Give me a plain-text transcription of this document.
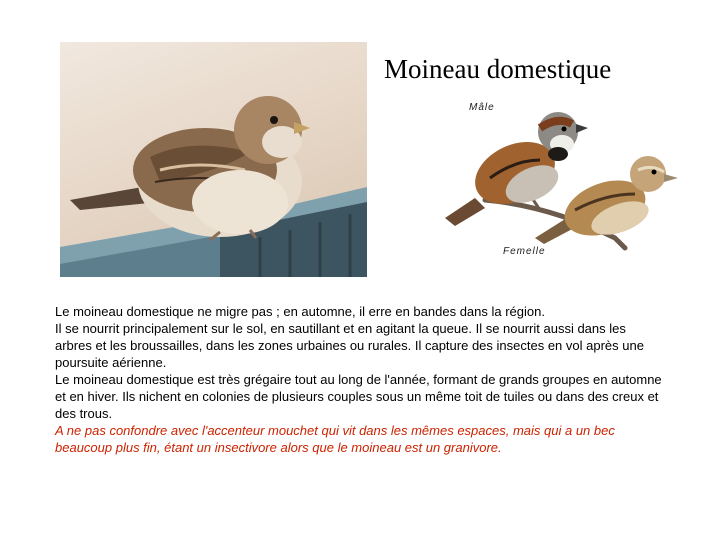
Moineau domestique
Mâle
Femelle

Le moineau domestique ne migre pas ; en automne, il erre en bandes dans la région.

Il se nourrit principalement sur le sol, en sautillant et en agitant la queue. Il se nourrit aussi dans les arbres et les broussailles, dans les zones urbaines ou rurales. Il capture des insectes en vol après une poursuite aérienne.

Le moineau domestique est très grégaire tout au long de l'année, formant de grands groupes en automne et en hiver. Ils nichent en colonies de plusieurs couples sous un même toit de tuiles ou dans des creux et des trous.

A ne pas confondre avec l'accenteur mouchet qui vit dans les mêmes espaces, mais qui a un bec beaucoup plus fin, étant un insectivore alors que le moineau est un granivore.
